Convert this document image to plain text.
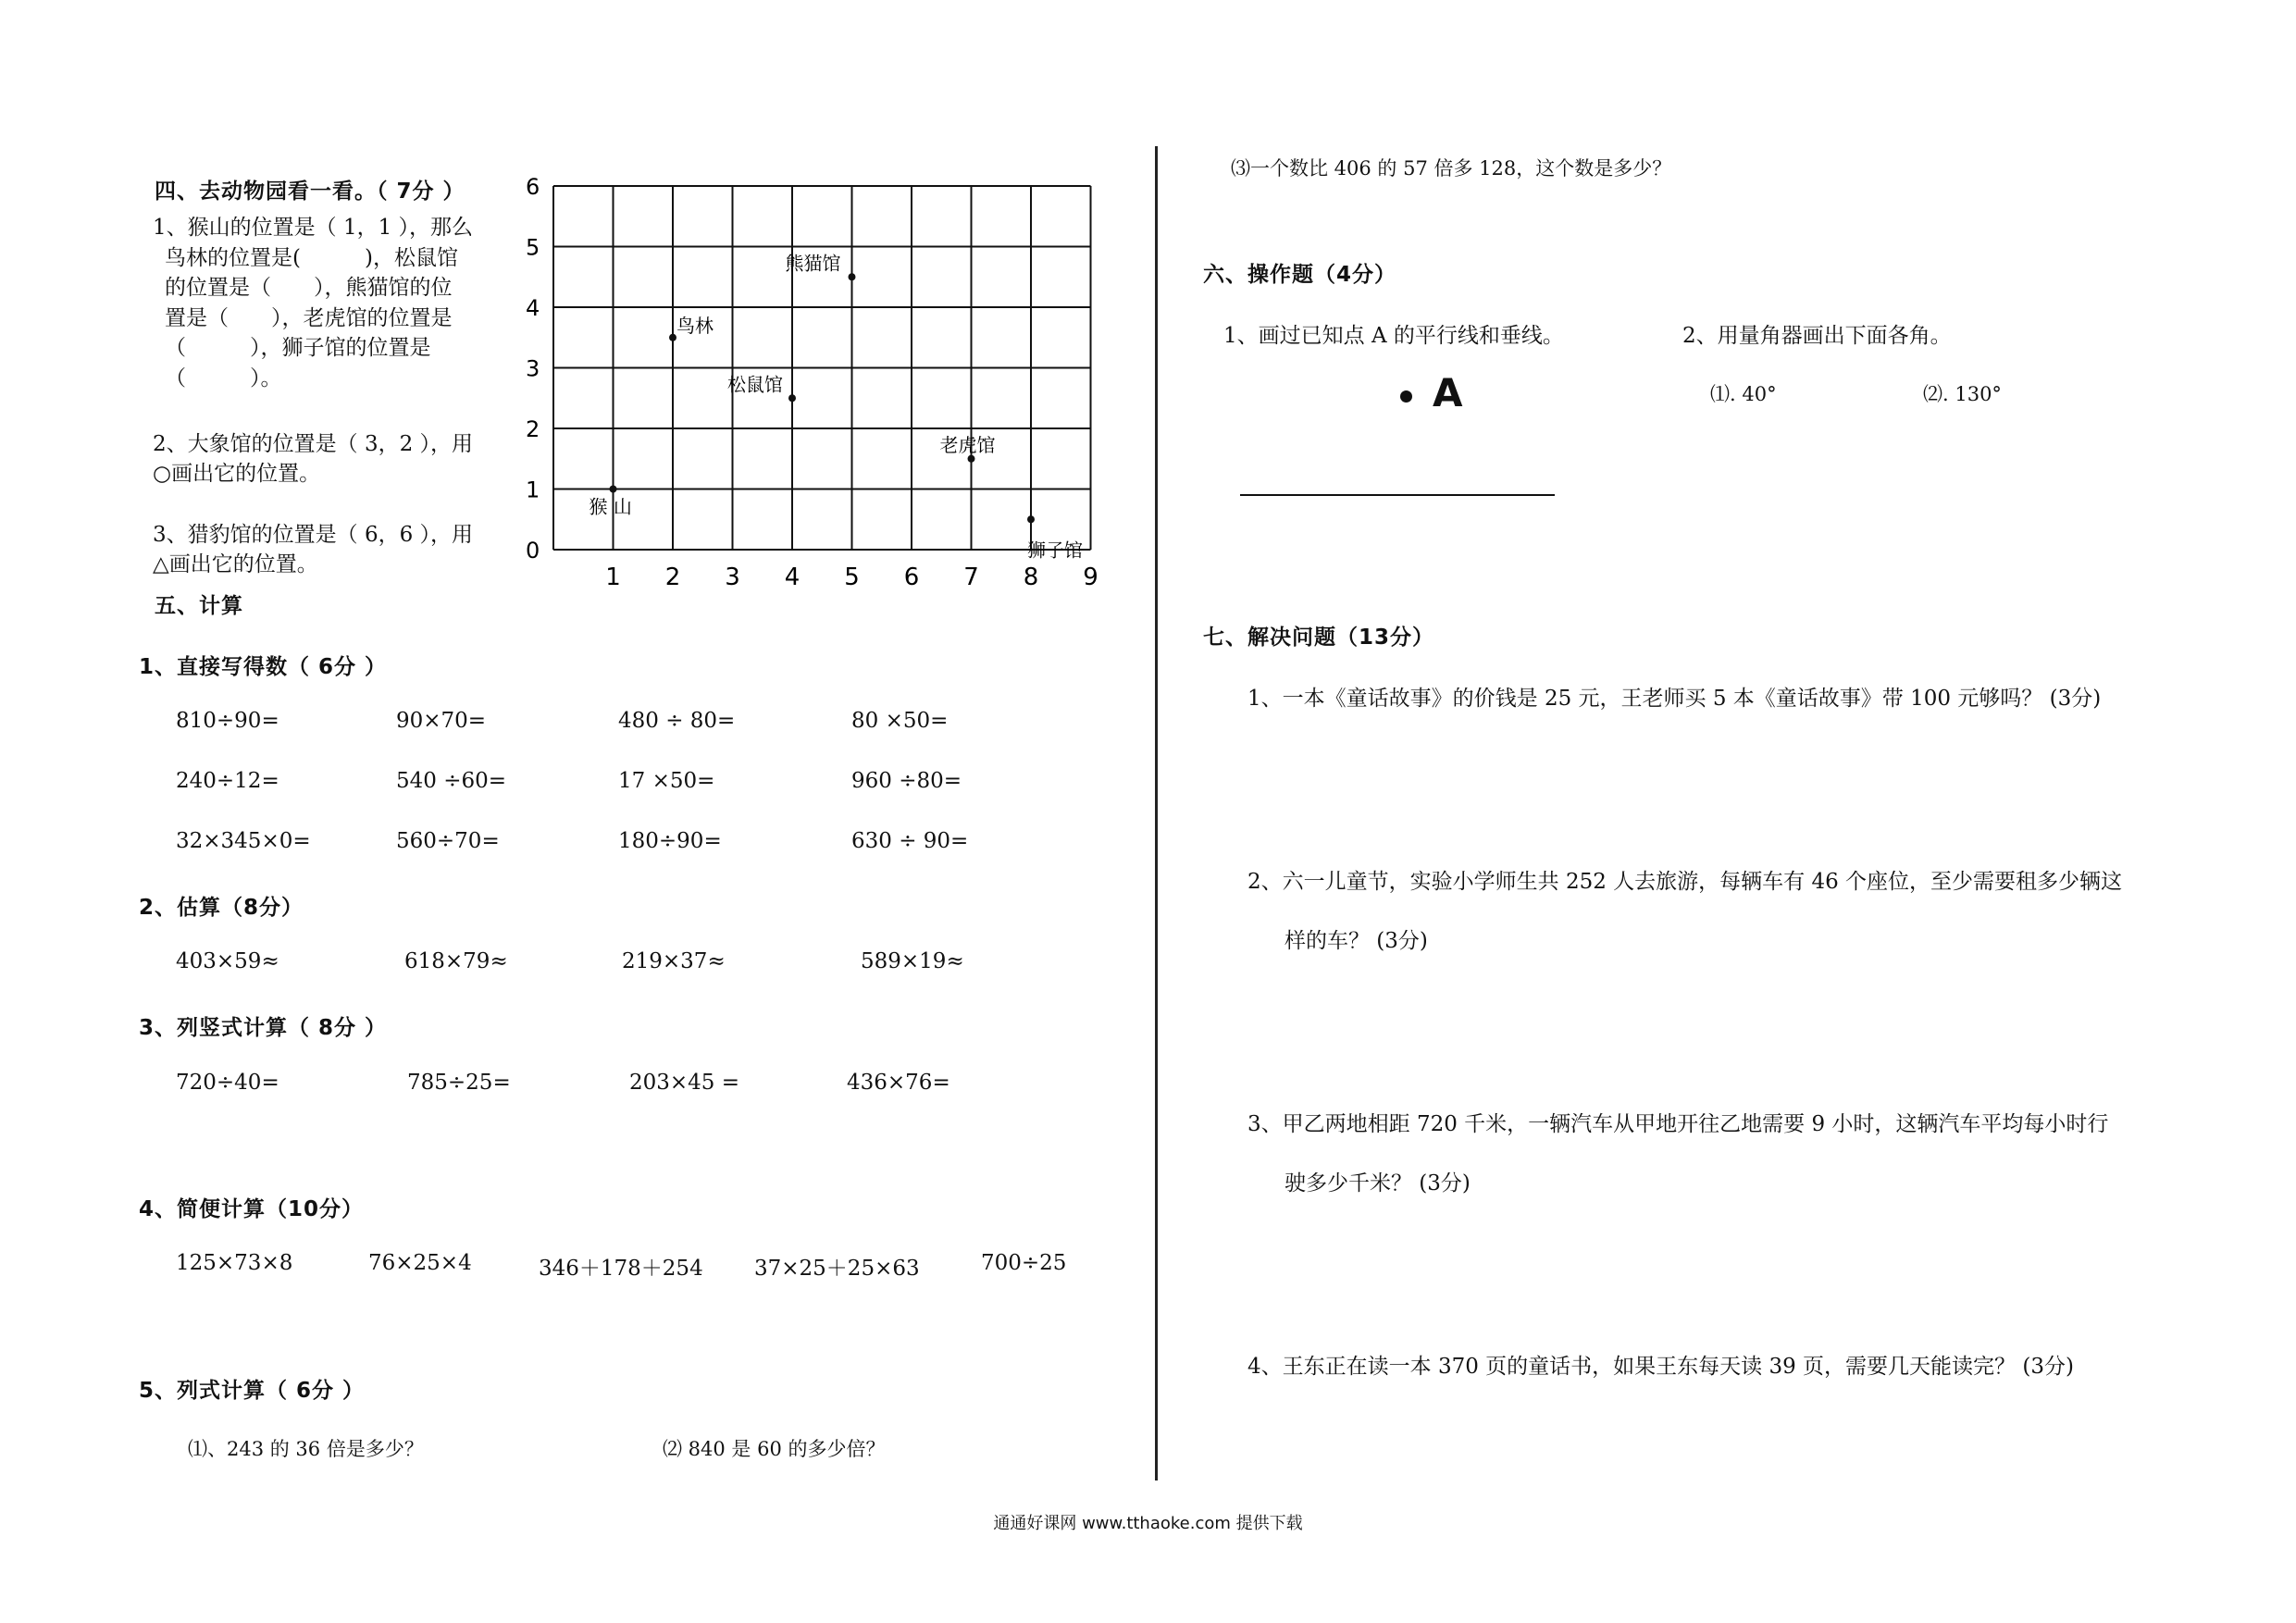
四、去动物园看一看。（ 7分 ）
1、猴山的位置是（ 1，1 ），那么
鸟林的位置是(　　　)，松鼠馆
的位置是（　　），熊猫馆的位
置是（　　），老虎馆的位置是
（　　　），狮子馆的位置是
（　　　）。
2、大象馆的位置是（ 3，2 ），用
○画出它的位置。
3、猎豹馆的位置是（ 6，6 ），用
△画出它的位置。	1 2 3 4 5 6 7 8 9
0
1
2
3
4
5
6
猴 山
鸟林
松鼠馆
熊猫馆
老虎馆
狮子馆
五、计算
1、直接写得数（ 6分 ）
810÷90=	90×70=	480 ÷ 80=	80 ×50=
240÷12=	540 ÷60=	17 ×50=	960 ÷80=
32×345×0=	560÷70=	180÷90=	630 ÷ 90=
2、估算（8分）
403×59≈	618×79≈	219×37≈	589×19≈
3、列竖式计算（ 8分 ）
720÷40=	785÷25=	203×45 =	436×76=
4、简便计算（10分）
125×73×8	76×25×4	346＋178＋254 37×25＋25×63	700÷25
5、列式计算（ 6分 ）
⑴、243 的 36 倍是多少？	⑵ 840 是 60 的多少倍？
⑶一个数比 406 的 57 倍多 128，这个数是多少？
六、操作题（4分）
1、画过已知点 A 的平行线和垂线。	2、用量角器画出下面各角。
A	⑴. 40°	⑵. 130°
七、解决问题（13分）
1、一本《童话故事》的价钱是 25 元，王老师买 5 本《童话故事》带 100 元够吗？ (3分)
2、六一儿童节，实验小学师生共 252 人去旅游，每辆车有 46 个座位，至少需要租多少辆这
样的车？ (3分)
3、甲乙两地相距 720 千米，一辆汽车从甲地开往乙地需要 9 小时，这辆汽车平均每小时行
驶多少千米？ (3分)
4、王东正在读一本 370 页的童话书，如果王东每天读 39 页，需要几天能读完？ (3分)
通通好课网 www.tthaoke.com 提供下载
